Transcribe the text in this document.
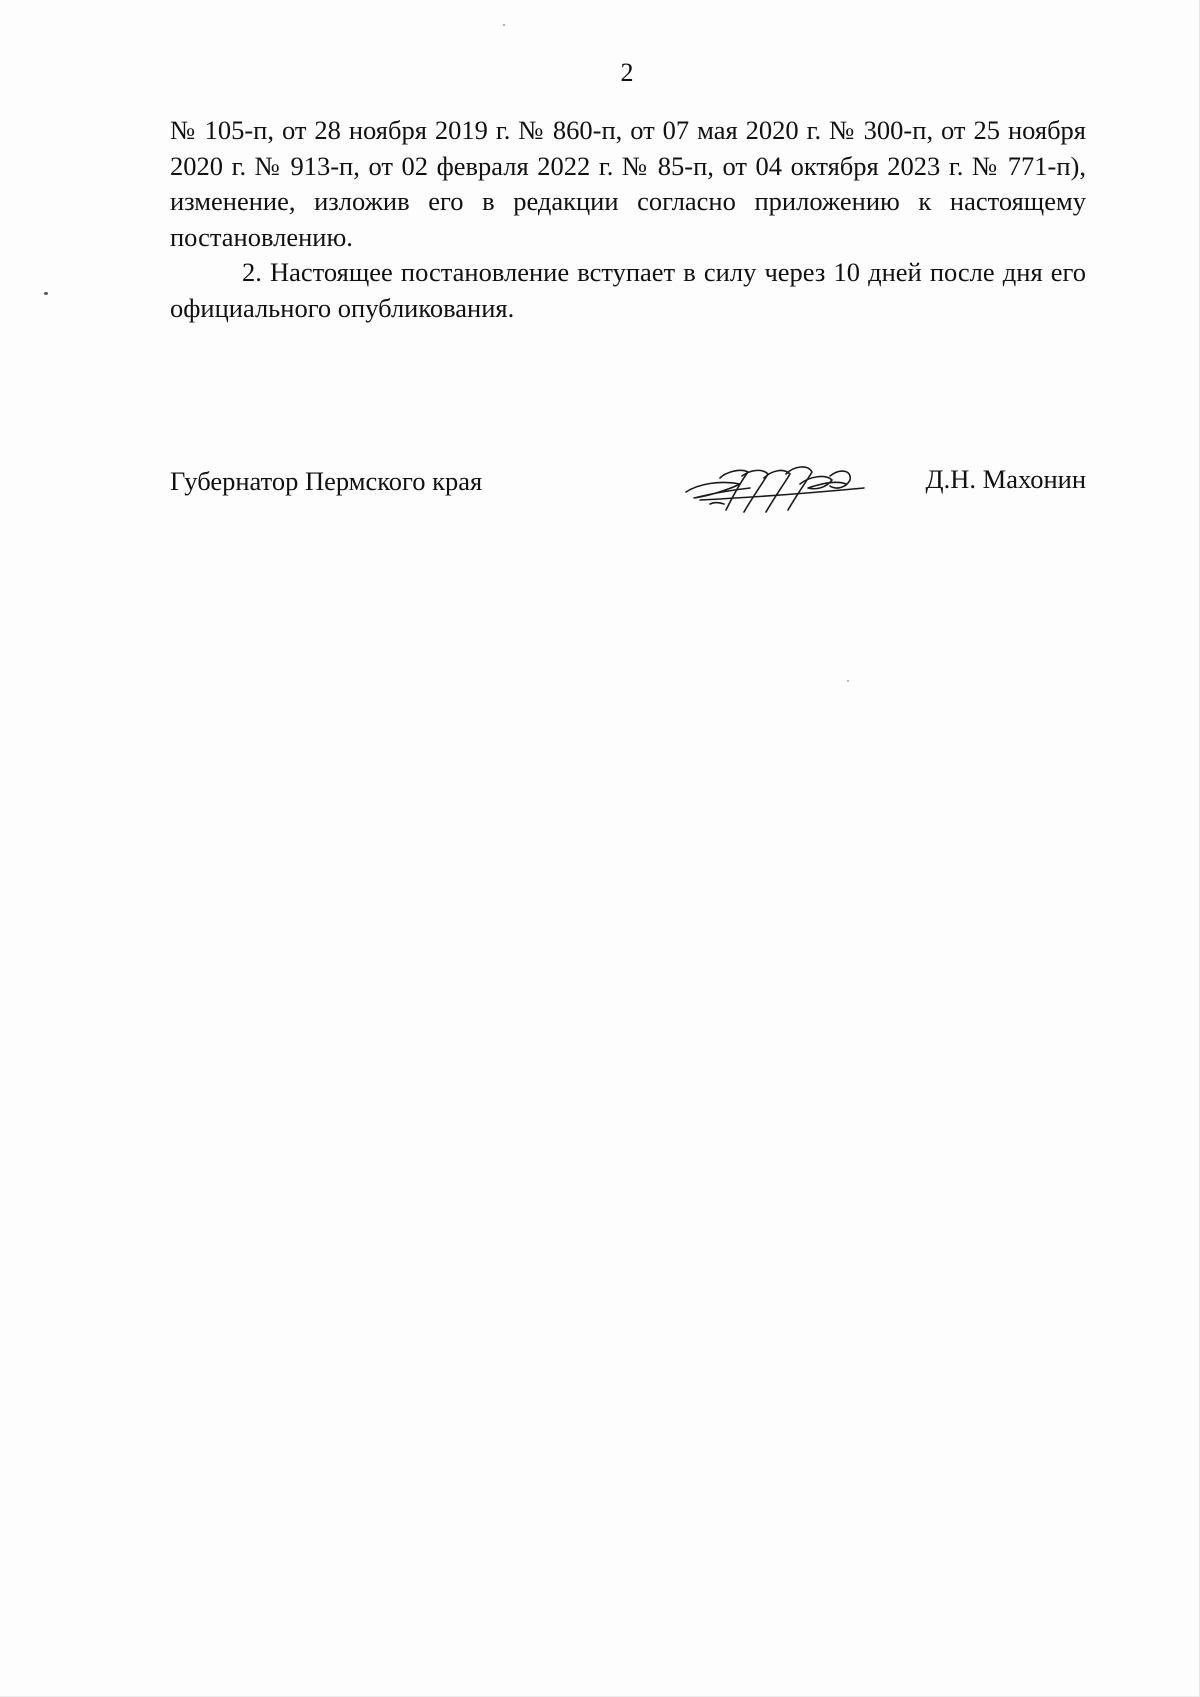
2

№ 105-п, от 28 ноября 2019 г. № 860-п, от 07 мая 2020 г. № 300-п, от 25 ноября 2020 г. № 913-п, от 02 февраля 2022 г. № 85-п, от 04 октября 2023 г. № 771-п), изменение, изложив его в редакции согласно приложению к настоящему постановлению.

2. Настоящее постановление вступает в силу через 10 дней после дня его официального опубликования.

Губернатор Пермского края	Д.Н. Махонин
